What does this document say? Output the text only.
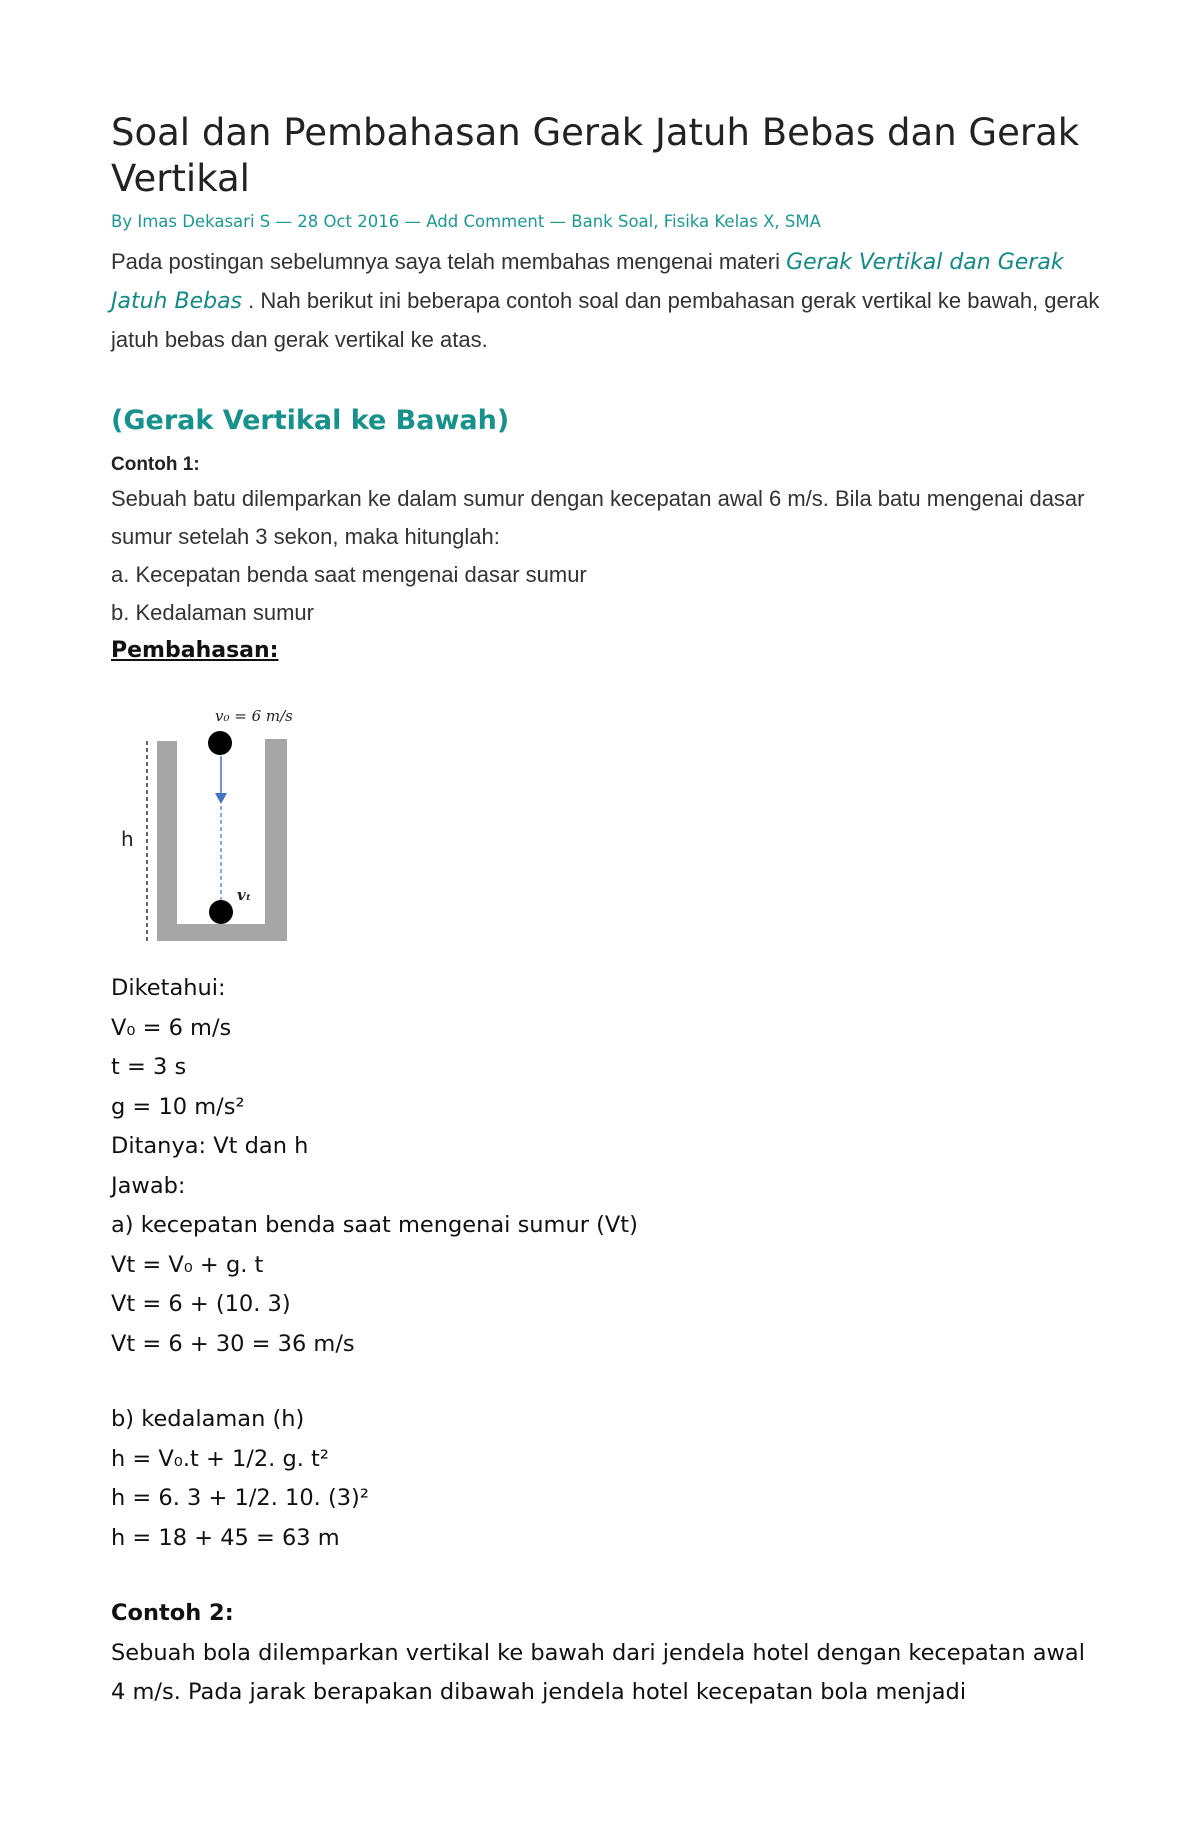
Soal dan Pembahasan Gerak Jatuh Bebas dan Gerak Vertikal
By Imas Dekasari S — 28 Oct 2016 — Add Comment — Bank Soal, Fisika Kelas X, SMA

Pada postingan sebelumnya saya telah membahas mengenai materi Gerak Vertikal dan Gerak Jatuh Bebas . Nah berikut ini beberapa contoh soal dan pembahasan gerak vertikal ke bawah, gerak jatuh bebas dan gerak vertikal ke atas.

(Gerak Vertikal ke Bawah)
Contoh 1:

Sebuah batu dilemparkan ke dalam sumur dengan kecepatan awal 6 m/s. Bila batu mengenai dasar sumur setelah 3 sekon, maka hitunglah:

a. Kecepatan benda saat mengenai dasar sumur

b. Kedalaman sumur

Pembahasan:
h
v₀ = 6 m/s
vₜ

Diketahui:

V₀ = 6 m/s

t = 3 s

g = 10 m/s²

Ditanya: Vt dan h

Jawab:

a) kecepatan benda saat mengenai sumur (Vt)

Vt = V₀ + g. t

Vt = 6 + (10. 3)

Vt = 6 + 30 = 36 m/s

b) kedalaman (h)

h = V₀.t + 1/2. g. t²

h = 6. 3 + 1/2. 10. (3)²

h = 18 + 45 = 63 m

Contoh 2:

Sebuah bola dilemparkan vertikal ke bawah dari jendela hotel dengan kecepatan awal 4 m/s. Pada jarak berapakan dibawah jendela hotel kecepatan bola menjadi
